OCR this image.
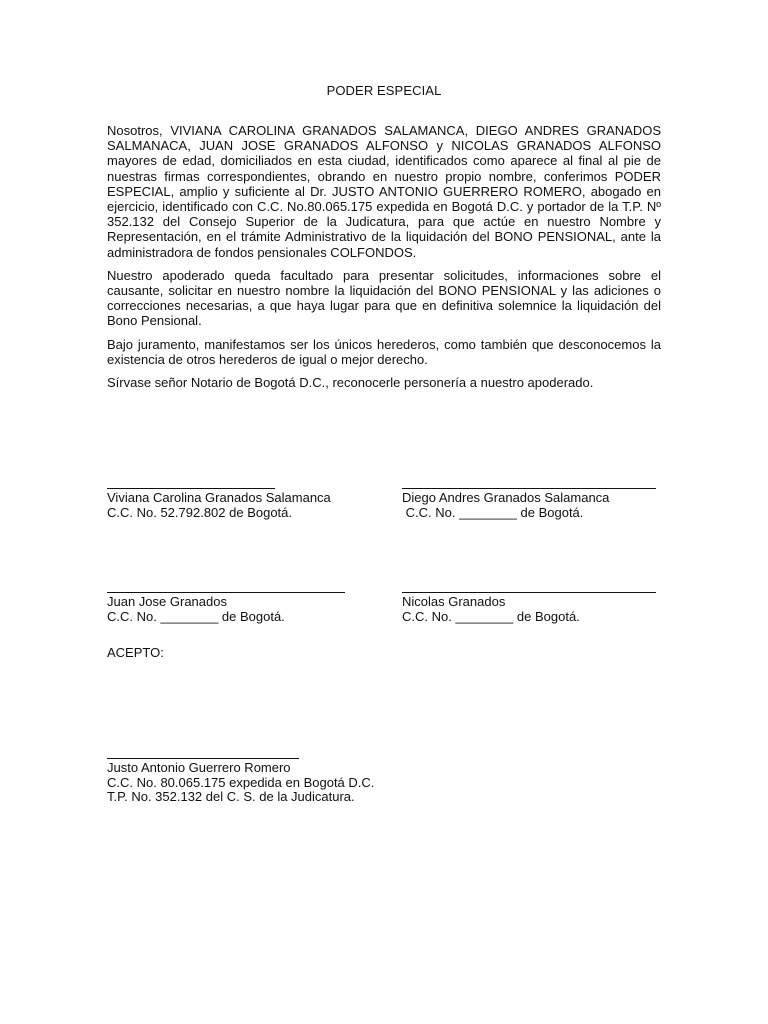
PODER ESPECIAL

Nosotros, VIVIANA CAROLINA GRANADOS SALAMANCA, DIEGO ANDRES GRANADOS SALMANACA, JUAN JOSE GRANADOS ALFONSO y NICOLAS GRANADOS ALFONSO mayores de edad, domiciliados en esta ciudad, identificados como aparece al final al pie de nuestras firmas correspondientes, obrando en nuestro propio nombre, conferimos PODER ESPECIAL, amplio y suficiente al Dr. JUSTO ANTONIO GUERRERO ROMERO, abogado en ejercicio, identificado con C.C. No.80.065.175 expedida en Bogotá D.C. y portador de la T.P. Nº 352.132 del Consejo Superior de la Judicatura, para que actúe en nuestro Nombre y Representación, en el trámite Administrativo de la liquidación del BONO PENSIONAL, ante la administradora de fondos pensionales COLFONDOS.

Nuestro apoderado queda facultado para presentar solicitudes, informaciones sobre el causante, solicitar en nuestro nombre la liquidación del BONO PENSIONAL y las adiciones o correcciones necesarias, a que haya lugar para que en definitiva solemnice la liquidación del Bono Pensional.

Bajo juramento, manifestamos ser los únicos herederos, como también que desconocemos la existencia de otros herederos de igual o mejor derecho.

Sírvase señor Notario de Bogotá D.C., reconocerle personería a nuestro apoderado.

Viviana Carolina Granados Salamanca
C.C. No. 52.792.802 de Bogotá.
Diego Andres Granados Salamanca
C.C. No. ________ de Bogotá.
Juan Jose Granados
C.C. No. ________ de Bogotá.
Nicolas Granados
C.C. No. ________ de Bogotá.
ACEPTO:
Justo Antonio Guerrero Romero
C.C. No. 80.065.175 expedida en Bogotá D.C.
T.P. No. 352.132 del C. S. de la Judicatura.
